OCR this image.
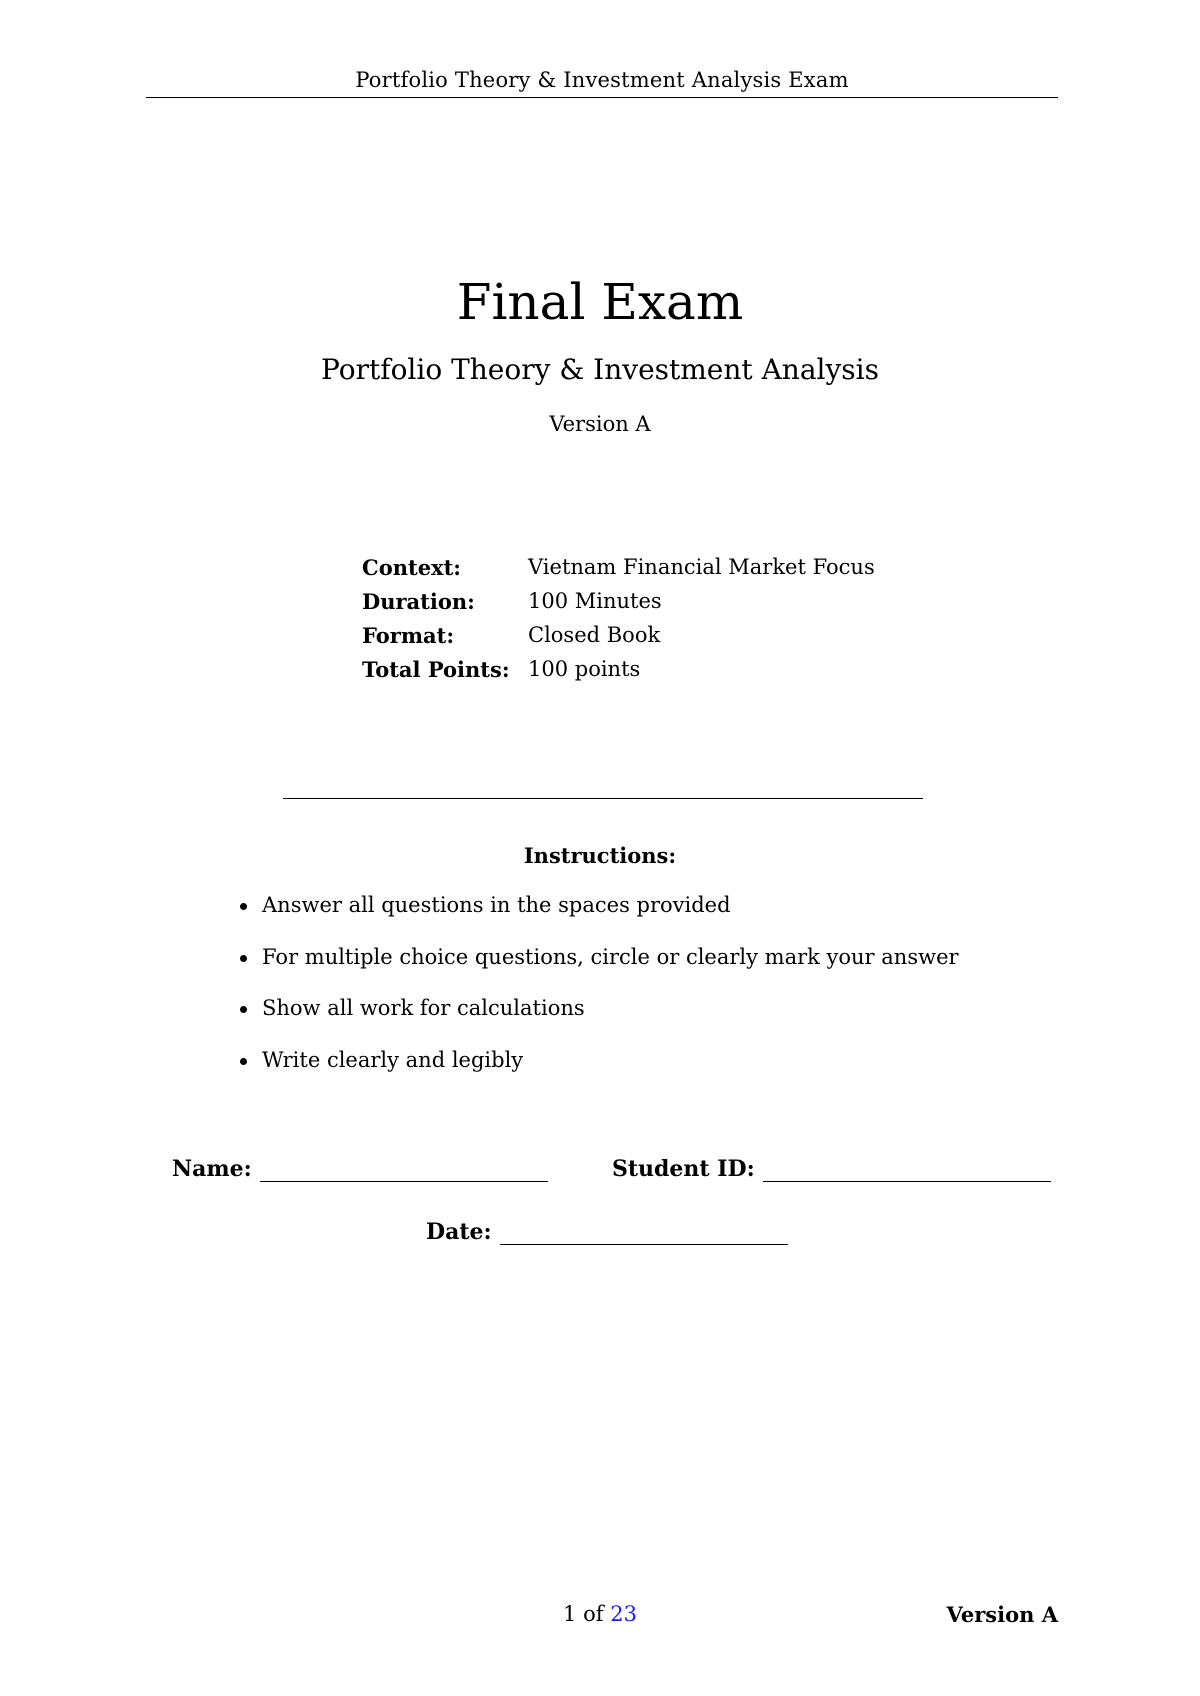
Portfolio Theory & Investment Analysis Exam
Final Exam
Portfolio Theory & Investment Analysis
Version A
Context:	Vietnam Financial Market Focus
Duration:	100 Minutes
Format:	Closed Book
Total Points:	100 points
Instructions:
Answer all questions in the spaces provided
For multiple choice questions, circle or clearly mark your answer
Show all work for calculations
Write clearly and legibly
Name:	Student ID:
Date:
1 of 23	Version A
